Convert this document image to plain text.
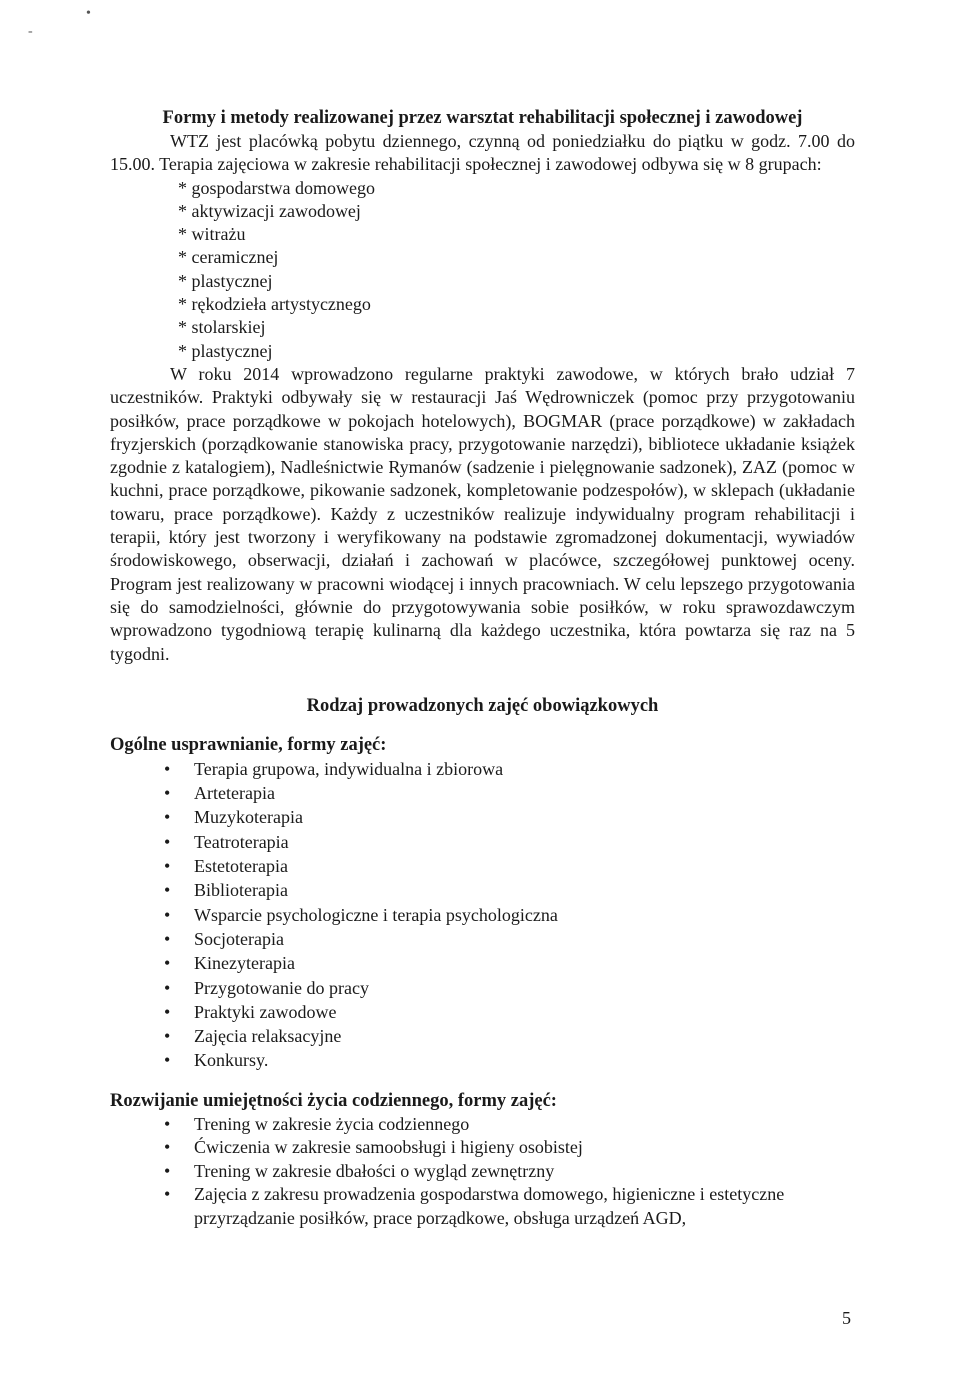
•
-

Formy i metody realizowanej przez warsztat rehabilitacji społecznej i zawodowej

WTZ jest placówką pobytu dziennego, czynną od poniedziałku do piątku w godz. 7.00 do 15.00. Terapia zajęciowa w zakresie rehabilitacji społecznej i zawodowej odbywa się w 8 grupach:

* gospodarstwa domowego
* aktywizacji zawodowej
* witrażu
* ceramicznej
* plastycznej
* rękodzieła artystycznego
* stolarskiej
* plastycznej

W roku 2014 wprowadzono regularne praktyki zawodowe, w których brało udział 7 uczestników. Praktyki odbywały się w restauracji Jaś Wędrowniczek (pomoc przy przygotowaniu posiłków, prace porządkowe w pokojach hotelowych), BOGMAR (prace porządkowe) w zakładach fryzjerskich (porządkowanie stanowiska pracy, przygotowanie narzędzi), bibliotece układanie książek zgodnie z katalogiem), Nadleśnictwie Rymanów (sadzenie i pielęgnowanie sadzonek), ZAZ (pomoc w kuchni, prace porządkowe, pikowanie sadzonek, kompletowanie podzespołów), w sklepach (układanie towaru, prace porządkowe). Każdy z uczestników realizuje indywidualny program rehabilitacji i terapii, który jest tworzony i weryfikowany na podstawie zgromadzonej dokumentacji, wywiadów środowiskowego, obserwacji, działań i zachowań w placówce, szczegółowej punktowej oceny. Program jest realizowany w pracowni wiodącej i innych pracowniach. W celu lepszego przygotowania się do samodzielności, głównie do przygotowywania sobie posiłków, w roku sprawozdawczym wprowadzono tygodniową terapię kulinarną dla każdego uczestnika, która powtarza się raz na 5 tygodni.

Rodzaj prowadzonych zajęć obowiązkowych

Ogólne usprawnianie, formy zajęć:

• Terapia grupowa, indywidualna i zbiorowa
• Arteterapia
• Muzykoterapia
• Teatroterapia
• Estetoterapia
• Biblioterapia
• Wsparcie psychologiczne i terapia psychologiczna
• Socjoterapia
• Kinezyterapia
• Przygotowanie do pracy
• Praktyki zawodowe
• Zajęcia relaksacyjne
• Konkursy.

Rozwijanie umiejętności życia codziennego, formy zajęć:

• Trening w zakresie życia codziennego
• Ćwiczenia w zakresie samoobsługi i higieny osobistej
• Trening w zakresie dbałości o wygląd zewnętrzny
• Zajęcia z zakresu prowadzenia gospodarstwa domowego, higieniczne i estetyczne przyrządzanie posiłków, prace porządkowe, obsługa urządzeń AGD,
5
